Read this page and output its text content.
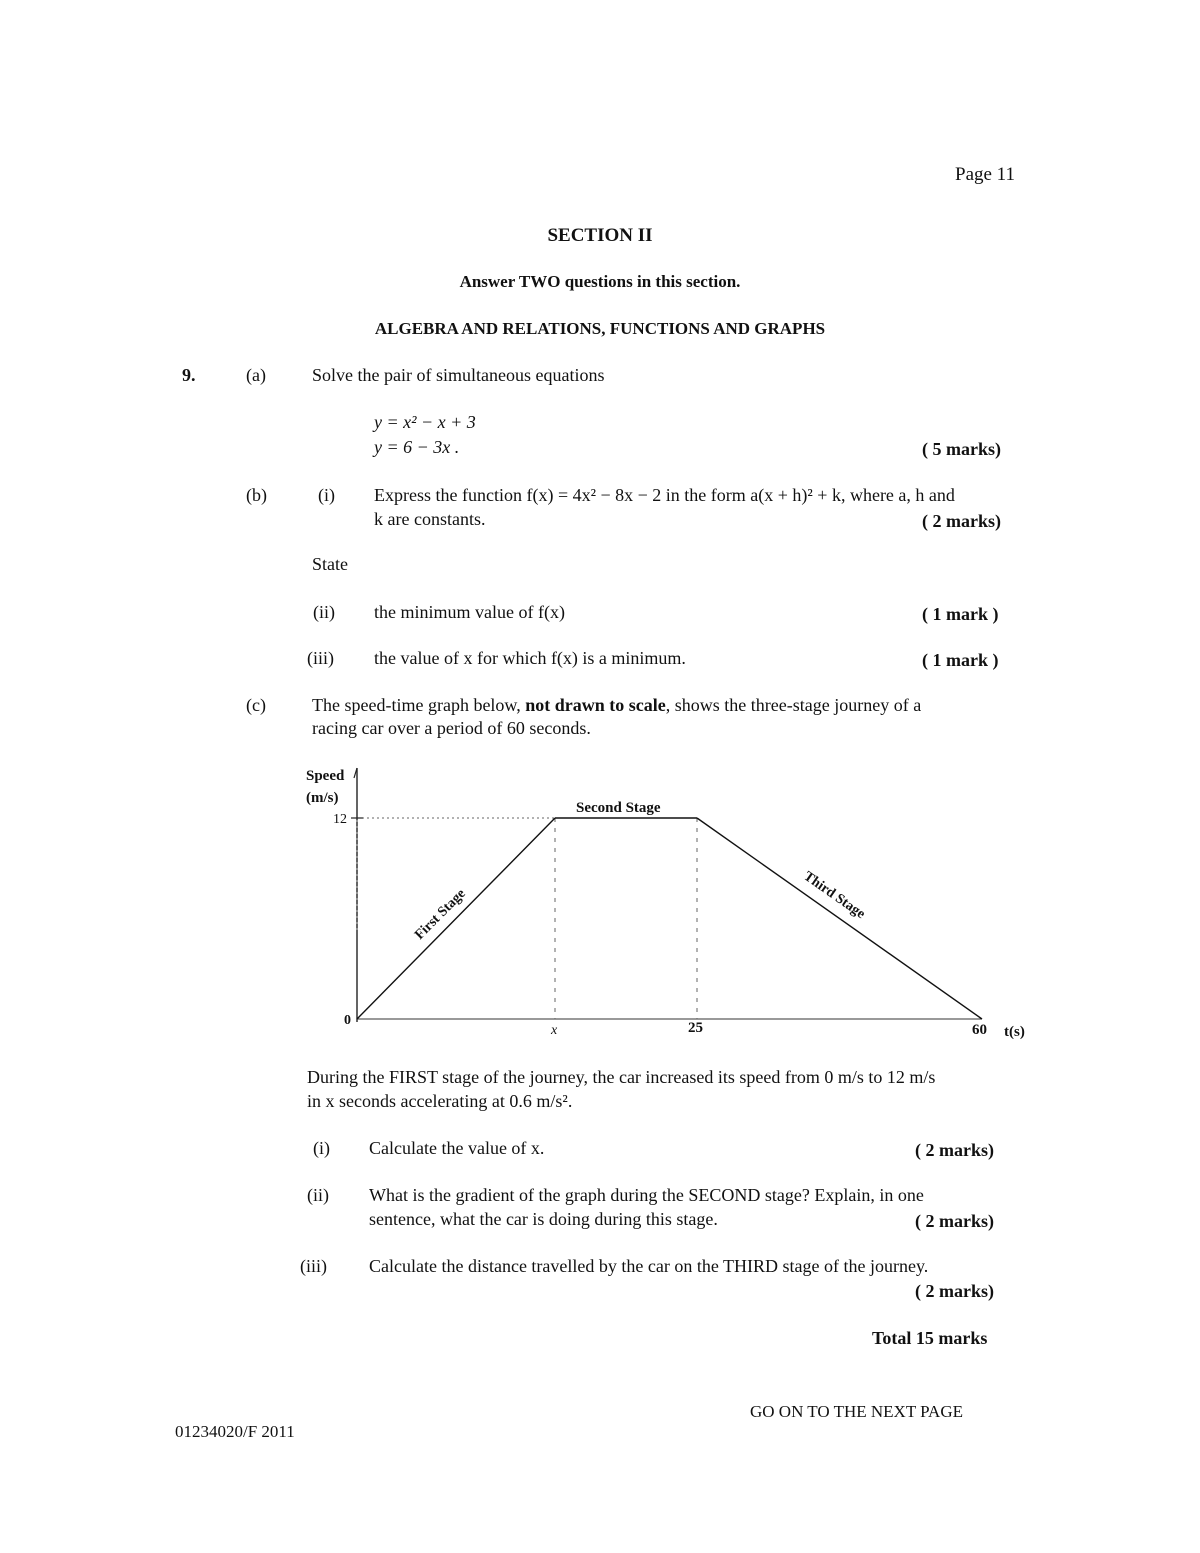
Page 11
SECTION II
Answer TWO questions in this section.
ALGEBRA AND RELATIONS, FUNCTIONS AND GRAPHS
9.	(a)	Solve the pair of simultaneous equations
y = x² − x + 3
y = 6 − 3x .	( 5 marks)
(b)	(i) Express the function f(x) = 4x² − 8x − 2 in the form a(x + h)² + k, where a, h and
k are constants.	( 2 marks)
State
(ii) the minimum value of f(x)	( 1 mark )
(iii) the value of x for which f(x) is a minimum.	( 1 mark )
(c)	The speed-time graph below, not drawn to scale, shows the three-stage journey of a
racing car over a period of 60 seconds.
Speed
(m/s)
12
0
x	25	60 t(s)
Second Stage
First Stage	Third Stage
During the FIRST stage of the journey, the car increased its speed from 0 m/s to 12 m/s
in x seconds accelerating at 0.6 m/s².
(i) Calculate the value of x.	( 2 marks)
(ii) What is the gradient of the graph during the SECOND stage? Explain, in one
sentence, what the car is doing during this stage.	( 2 marks)
(iii) Calculate the distance travelled by the car on the THIRD stage of the journey.
( 2 marks)
Total 15 marks
GO ON TO THE NEXT PAGE
01234020/F 2011
